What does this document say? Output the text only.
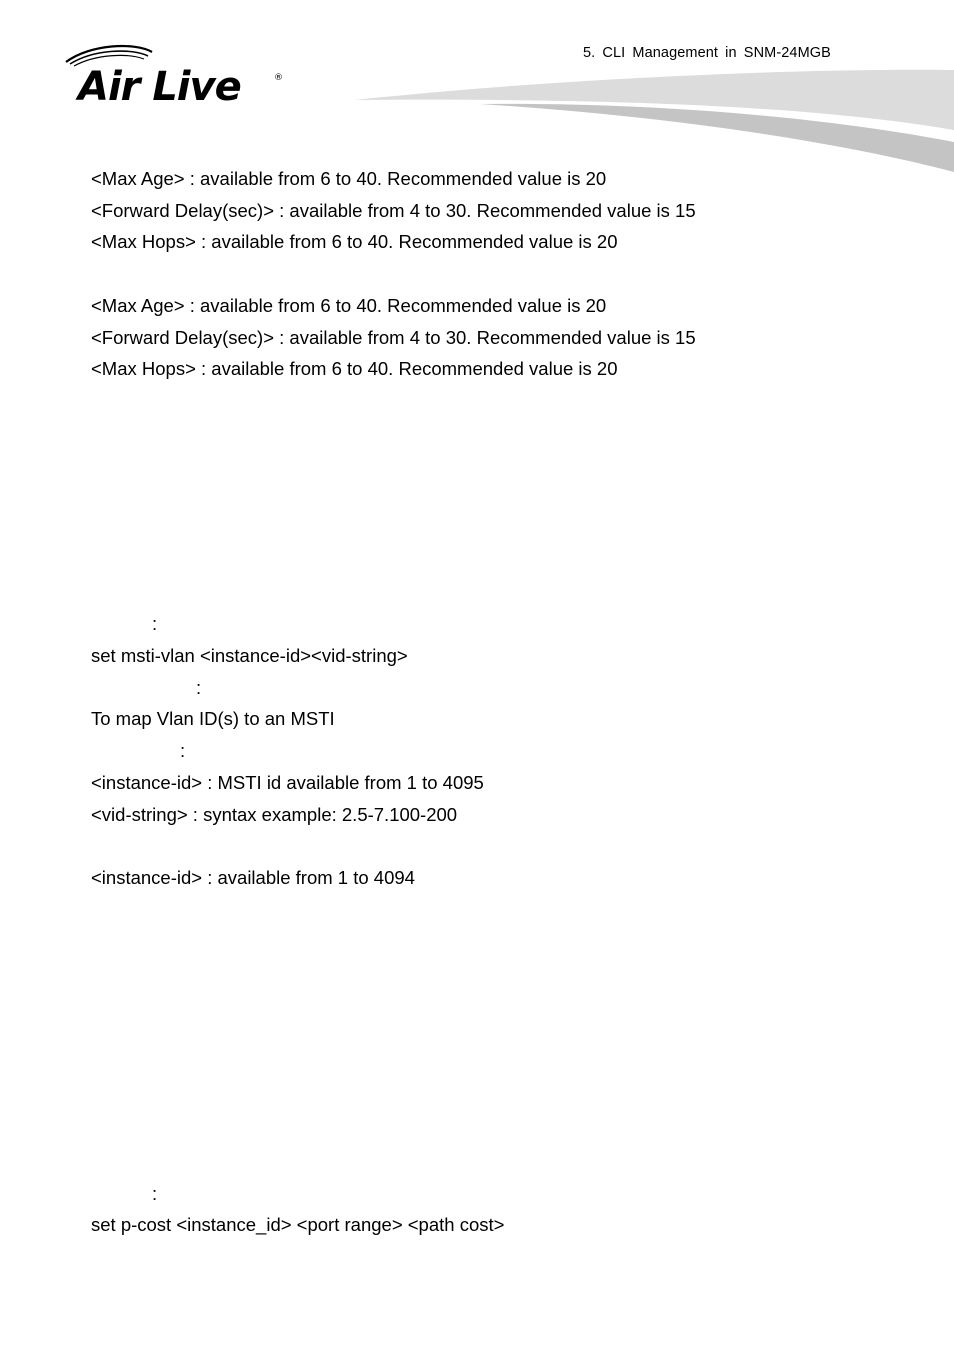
5. CLI Management in SNM-24MGB
Air Live	®
<Max Age> : available from 6 to 40. Recommended value is 20
<Forward Delay(sec)> : available from 4 to 30. Recommended value is 15
<Max Hops> : available from 6 to 40. Recommended value is 20
<Max Age> : available from 6 to 40. Recommended value is 20
<Forward Delay(sec)> : available from 4 to 30. Recommended value is 15
<Max Hops> : available from 6 to 40. Recommended value is 20
:
set msti-vlan <instance-id><vid-string>
:
To map Vlan ID(s) to an MSTI
:
<instance-id> : MSTI id available from 1 to 4095
<vid-string> : syntax example: 2.5-7.100-200
<instance-id> : available from 1 to 4094
:
set p-cost <instance_id> <port range> <path cost>
